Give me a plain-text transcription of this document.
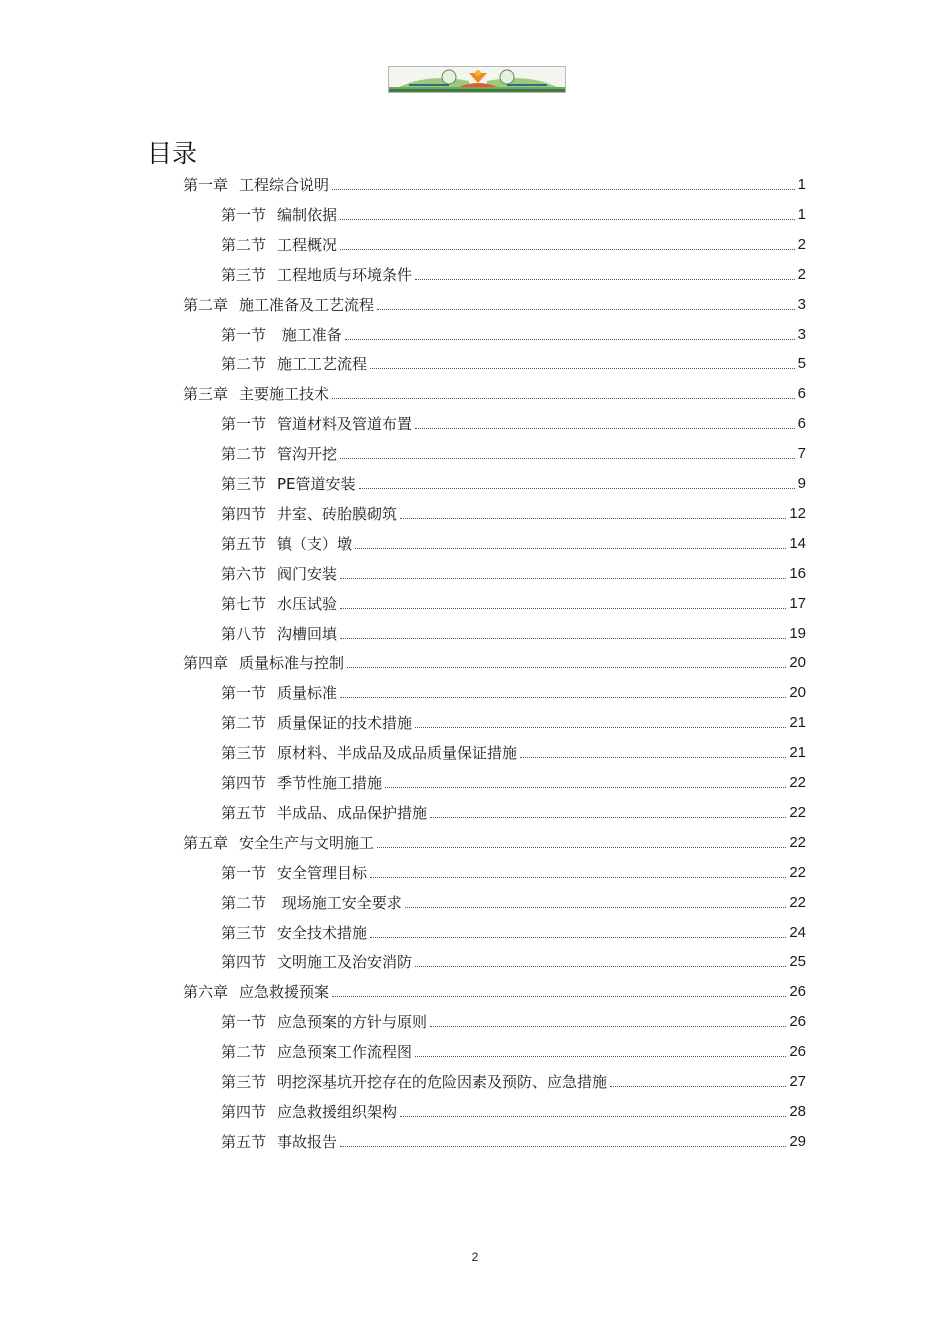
目录
第一章 工程综合说明	1
第一节 编制依据	1
第二节 工程概况	2
第三节 工程地质与环境条件	2
第二章 施工准备及工艺流程	3
第一节 施工准备	3
第二节 施工工艺流程	5
第三章 主要施工技术	6
第一节 管道材料及管道布置	6
第二节 管沟开挖	7
第三节 PE管道安装	9
第四节 井室、砖胎膜砌筑	12
第五节 镇（支）墩	14
第六节 阀门安装	16
第七节 水压试验	17
第八节 沟槽回填	19
第四章 质量标准与控制	20
第一节 质量标准	20
第二节 质量保证的技术措施	21
第三节 原材料、半成品及成品质量保证措施	21
第四节 季节性施工措施	22
第五节 半成品、成品保护措施	22
第五章 安全生产与文明施工	22
第一节 安全管理目标	22
第二节 现场施工安全要求	22
第三节 安全技术措施	24
第四节 文明施工及治安消防	25
第六章 应急救援预案	26
第一节 应急预案的方针与原则	26
第二节 应急预案工作流程图	26
第三节 明挖深基坑开挖存在的危险因素及预防、应急措施	27
第四节 应急救援组织架构	28
第五节 事故报告	29
2
